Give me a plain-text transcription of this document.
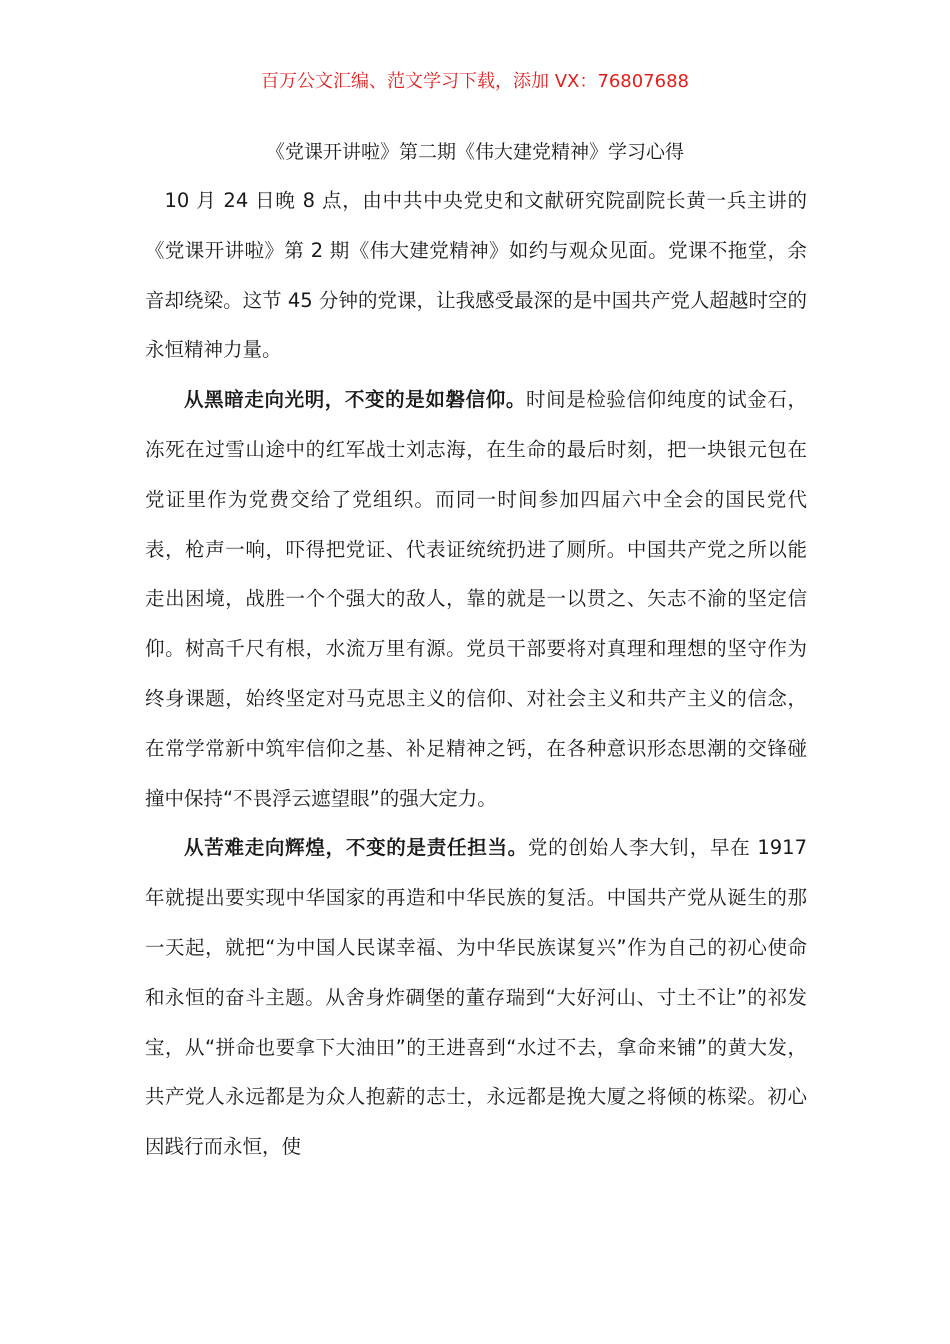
百万公文汇编、范文学习下载，添加 VX：76807688
《党课开讲啦》第二期《伟大建党精神》学习心得

10 月 24 日晚 8 点，由中共中央党史和文献研究院副院长黄一兵主讲的《党课开讲啦》第 2 期《伟大建党精神》如约与观众见面。党课不拖堂，余音却绕梁。这节 45 分钟的党课，让我感受最深的是中国共产党人超越时空的永恒精神力量。

从黑暗走向光明，不变的是如磐信仰。时间是检验信仰纯度的试金石，冻死在过雪山途中的红军战士刘志海，在生命的最后时刻，把一块银元包在党证里作为党费交给了党组织。而同一时间参加四届六中全会的国民党代表，枪声一响，吓得把党证、代表证统统扔进了厕所。中国共产党之所以能走出困境，战胜一个个强大的敌人，靠的就是一以贯之、矢志不渝的坚定信仰。树高千尺有根，水流万里有源。党员干部要将对真理和理想的坚守作为终身课题，始终坚定对马克思主义的信仰、对社会主义和共产主义的信念，在常学常新中筑牢信仰之基、补足精神之钙，在各种意识形态思潮的交锋碰撞中保持“不畏浮云遮望眼”的强大定力。

从苦难走向辉煌，不变的是责任担当。党的创始人李大钊，早在 1917 年就提出要实现中华国家的再造和中华民族的复活。中国共产党从诞生的那一天起，就把“为中国人民谋幸福、为中华民族谋复兴”作为自己的初心使命和永恒的奋斗主题。从舍身炸碉堡的董存瑞到“大好河山、寸土不让”的祁发宝，从“拼命也要拿下大油田”的王进喜到“水过不去，拿命来铺”的黄大发，共产党人永远都是为众人抱薪的志士，永远都是挽大厦之将倾的栋梁。初心因践行而永恒，使
